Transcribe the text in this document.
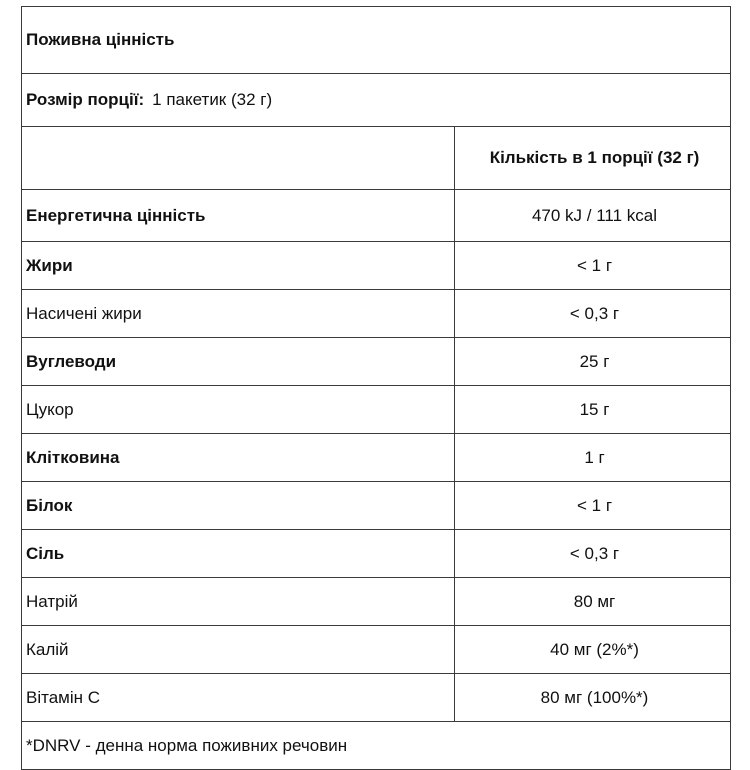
Поживна цінність	
Розмір порції: 1 пакетик (32 г)	
	Кількість в 1 порції (32 г)
Енергетична цінність	470 kJ / 111 kcal
Жири	< 1 г
Насичені жири	< 0,3 г
Вуглеводи	25 г
Цукор	15 г
Клітковина	1 г
Білок	< 1 г
Сіль	< 0,3 г
Натрій	80 мг
Калій	40 мг (2%*)
Вітамін C	80 мг (100%*)
*DNRV - денна норма поживних речовин	
